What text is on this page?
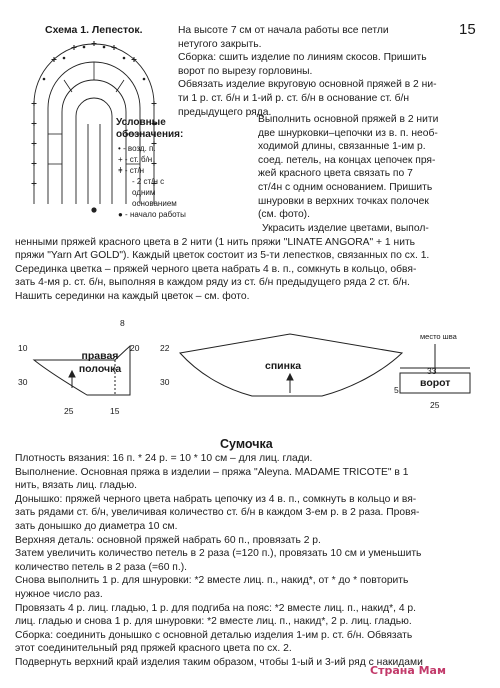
15
Схема 1. Лепесток.
Условные
обозначения:
• - возд. п.
+ - ст. б/н
ǂ - ст/н
- 2 ст/н с одним
основанием
● - начало работы
На высоте 7 см от начала работы все петли
нетугого закрыть.
Сборка: сшить изделие по линиям скосов. Пришить
ворот по вырезу горловины.
Обвязать изделие вкруговую основной пряжей в 2 ни-
ти 1 р. ст. б/н и 1-ий р. ст. б/н в основание ст. б/н
предыдущего ряда.
Выполнить основной пряжей в 2 нити
две шнурковки–цепочки из в. п. необ-
ходимой длины, связанные 1-им р.
соед. петель, на концах цепочек пря-
жей красного цвета связать по 7
ст/4н с одним основанием. Пришить
шнуровки в верхних точках полочек
(см. фото).
Украсить изделие цветами, выпол-
ненными пряжей красного цвета в 2 нити (1 нить пряжи "LINATE ANGORA" + 1 нить
пряжи "Yarn Art GOLD"). Каждый цветок состоит из 5-ти лепестков, связанных по сх. 1.
Серединка цветка – пряжей черного цвета набрать 4 в. п., сомкнуть в кольцо, обвя-
зать 4-мя р. ст. б/н, выполняя в каждом ряду из ст. б/н предыдущего ряда 2 ст. б/н.
Нашить серединки на каждый цветок – см. фото.
8
10	20
30
25	15
22
30
33
5
25
правая
полочка	спинка
ворот
место шва
Сумочка
Плотность вязания: 16 п. * 24 р. = 10 * 10 см – для лиц. глади.
Выполнение. Основная пряжа в изделии – пряжа "Aleyna. MADAME TRICOTE" в 1
нить, вязать лиц. гладью.
Донышко: пряжей черного цвета набрать цепочку из 4 в. п., сомкнуть в кольцо и вя-
зать рядами ст. б/н, увеличивая количество ст. б/н в каждом 3-ем р. в 2 раза. Провя-
зать донышко до диаметра 10 см.
Верхняя деталь: основной пряжей набрать 60 п., провязать 2 р.
Затем увеличить количество петель в 2 раза (=120 п.), провязать 10 см и уменьшить
количество петель в 2 раза (=60 п.).
Снова выполнить 1 р. для шнуровки: *2 вместе лиц. п., накид*, от * до * повторить
нужное число раз.
Провязать 4 р. лиц. гладью, 1 р. для подгиба на пояс: *2 вместе лиц. п., накид*, 4 р.
лиц. гладью и снова 1 р. для шнуровки: *2 вместе лиц. п., накид*, 2 р. лиц. гладью.
Сборка: соединить донышко с основной деталью изделия 1-им р. ст. б/н. Обвязать
этот соединительный ряд пряжей красного цвета по сх. 2.
Подвернуть верхний край изделия таким образом, чтобы 1-ый и 3-ий ряд с накидами
Страна Мам
